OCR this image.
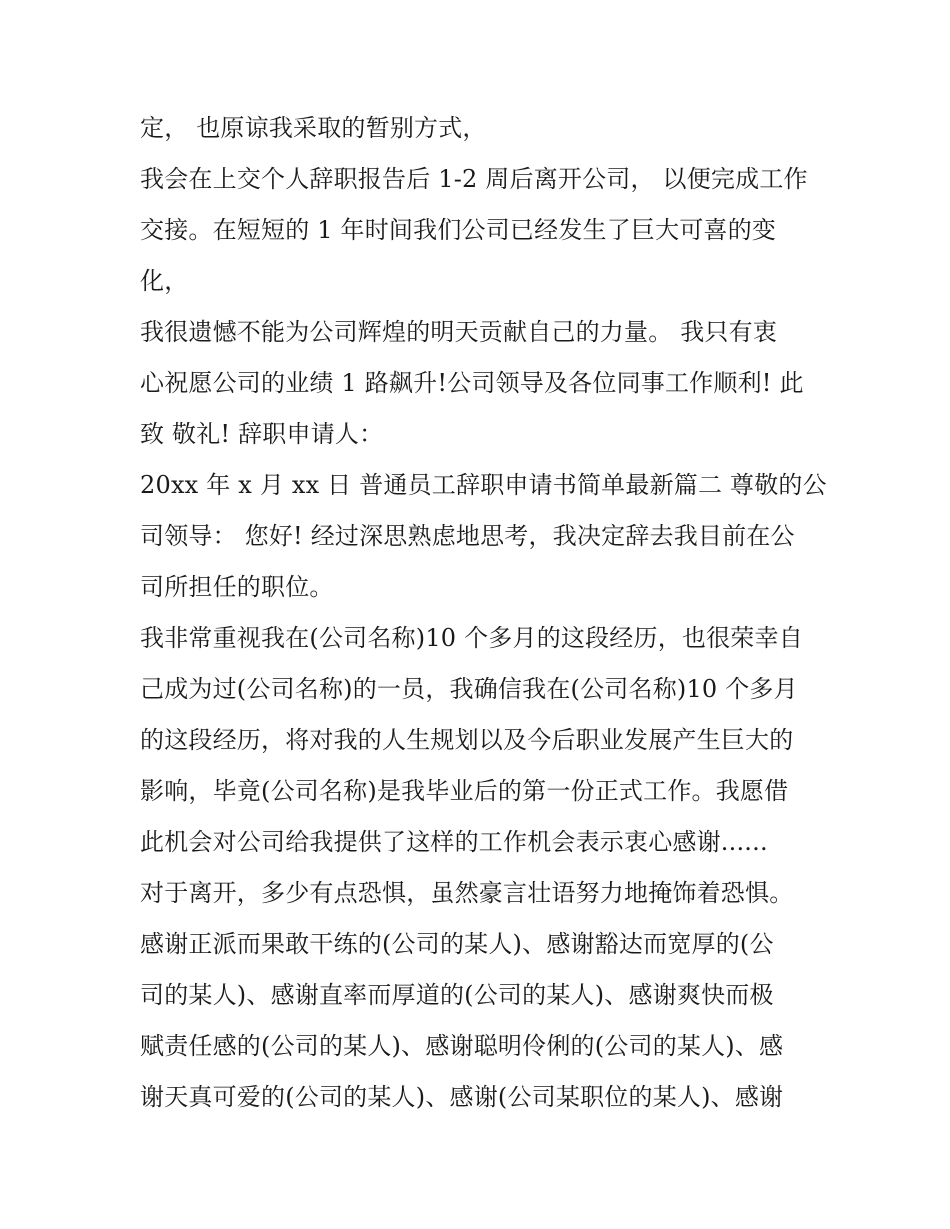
定， 也原谅我采取的暂别方式，
我会在上交个人辞职报告后 1-2 周后离开公司， 以便完成工作
交接。在短短的 1 年时间我们公司已经发生了巨大可喜的变
化，
我很遗憾不能为公司辉煌的明天贡献自己的力量。 我只有衷
心祝愿公司的业绩 1 路飙升!公司领导及各位同事工作顺利! 此
致 敬礼! 辞职申请人：
20xx 年 x 月 xx 日 普通员工辞职申请书简单最新篇二 尊敬的公
司领导： 您好! 经过深思熟虑地思考，我决定辞去我目前在公
司所担任的职位。
我非常重视我在(公司名称)10 个多月的这段经历，也很荣幸自
己成为过(公司名称)的一员，我确信我在(公司名称)10 个多月
的这段经历，将对我的人生规划以及今后职业发展产生巨大的
影响，毕竟(公司名称)是我毕业后的第一份正式工作。我愿借
此机会对公司给我提供了这样的工作机会表示衷心感谢......
对于离开，多少有点恐惧，虽然豪言壮语努力地掩饰着恐惧。
感谢正派而果敢干练的(公司的某人)、感谢豁达而宽厚的(公
司的某人)、感谢直率而厚道的(公司的某人)、感谢爽快而极
赋责任感的(公司的某人)、感谢聪明伶俐的(公司的某人)、感
谢天真可爱的(公司的某人)、感谢(公司某职位的某人)、感谢
